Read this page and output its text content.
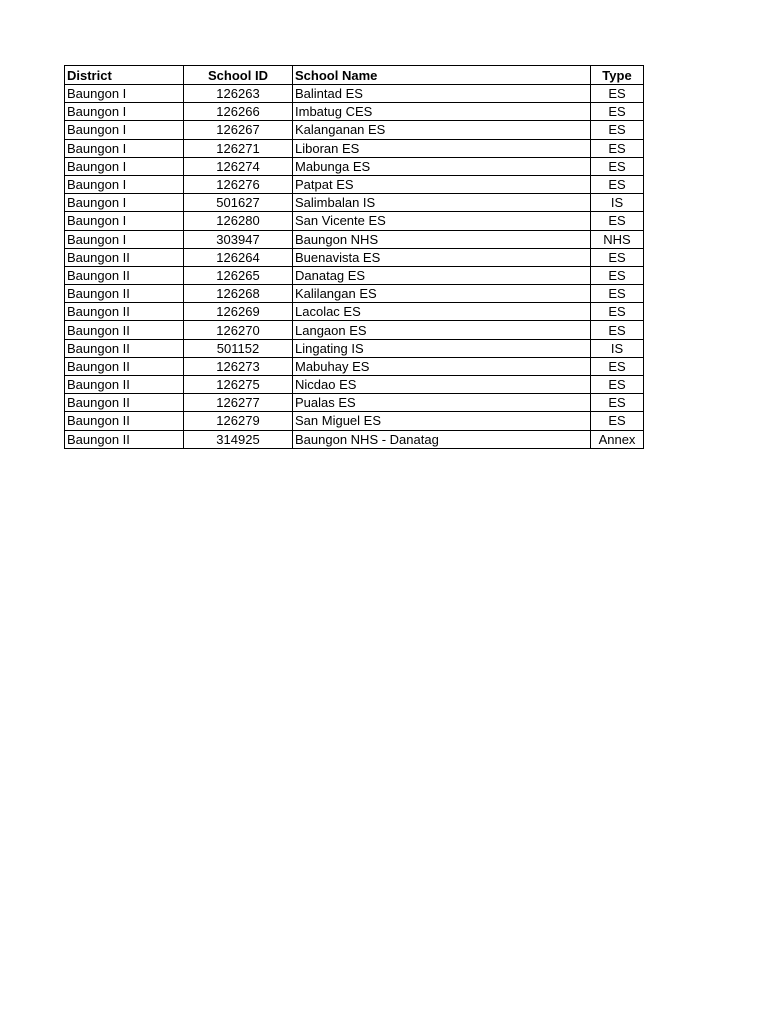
District	School ID	School Name	Type
Baungon I	126263	Balintad ES	ES
Baungon I	126266	Imbatug CES	ES
Baungon I	126267	Kalanganan ES	ES
Baungon I	126271	Liboran ES	ES
Baungon I	126274	Mabunga ES	ES
Baungon I	126276	Patpat ES	ES
Baungon I	501627	Salimbalan IS	IS
Baungon I	126280	San Vicente ES	ES
Baungon I	303947	Baungon NHS	NHS
Baungon II	126264	Buenavista ES	ES
Baungon II	126265	Danatag ES	ES
Baungon II	126268	Kalilangan ES	ES
Baungon II	126269	Lacolac ES	ES
Baungon II	126270	Langaon ES	ES
Baungon II	501152	Lingating IS	IS
Baungon II	126273	Mabuhay ES	ES
Baungon II	126275	Nicdao ES	ES
Baungon II	126277	Pualas ES	ES
Baungon II	126279	San Miguel ES	ES
Baungon II	314925	Baungon NHS - Danatag	Annex
